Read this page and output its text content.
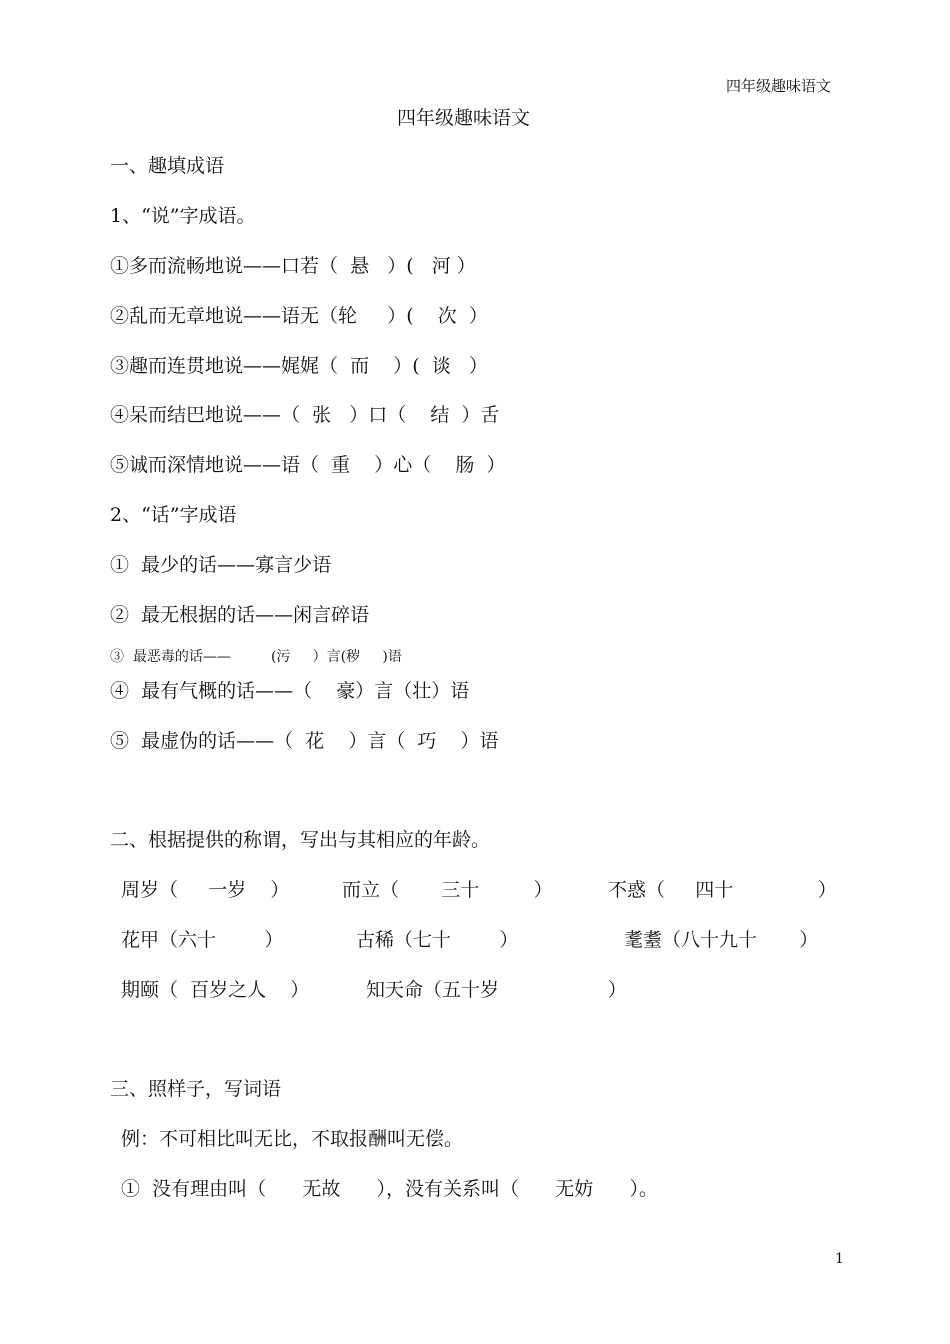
四年级趣味语文
四年级趣味语文
一、趣填成语
1、“说”字成语。
①多而流畅地说——口若（  悬   ）(   河 ）
②乱而无章地说——语无（轮     ）(    次  ）
③趣而连贯地说——娓娓（  而    ）(  谈   ）
④呆而结巴地说——（  张   ）口（    结  ）舌
⑤诚而深情地说——语（  重    ）心（    肠  ）
2、“话”字成语
①  最少的话——寡言少语
②  最无根据的话——闲言碎语
③  最恶毒的话——         (污     ）言(秽     )语
④  最有气概的话——（    豪）言（壮）语
⑤  最虚伪的话——（  花    ）言（  巧    ）语
二、根据提供的称谓，写出与其相应的年龄。
周岁（     一岁    ）	而立（       三十         ）	不惑（     四十              ）
花甲（六十        ）	古稀（七十        ）	耄耋（八十九十       ）
期颐（  百岁之人    ）	知天命（五十岁                  ）
三、照样子，写词语
例：不可相比叫无比，不取报酬叫无偿。
①  没有理由叫（      无故      ），没有关系叫（      无妨      ）。
1
